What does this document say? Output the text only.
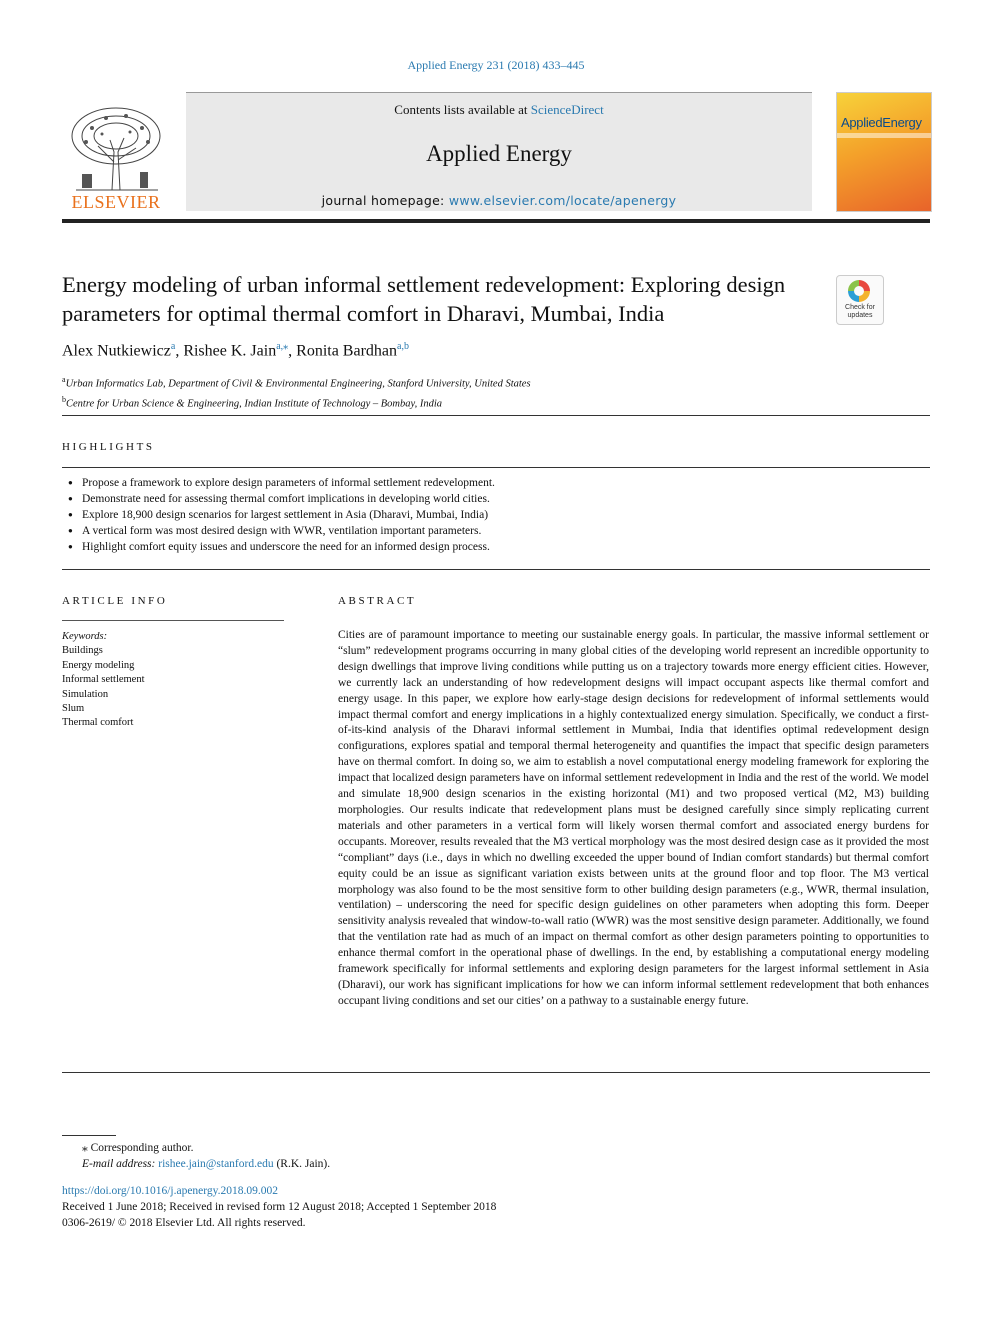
Applied Energy 231 (2018) 433–445
ELSEVIER
Contents lists available at ScienceDirect
Applied Energy
journal homepage: www.elsevier.com/locate/apenergy
AppliedEnergy
Energy modeling of urban informal settlement redevelopment: Exploring design parameters for optimal thermal comfort in Dharavi, Mumbai, India	Check for updates
Alex Nutkiewicz$^a$, Rishee K. Jain$^{a,⁎}$, Ronita Bardhan$^{a,b}$
$^a$Urban Informatics Lab, Department of Civil & Environmental Engineering, Stanford University, United States
$^b$Centre for Urban Science & Engineering, Indian Institute of Technology – Bombay, India
HIGHLIGHTS
● Propose a framework to explore design parameters of informal settlement redevelopment.
● Demonstrate need for assessing thermal comfort implications in developing world cities.
● Explore 18,900 design scenarios for largest settlement in Asia (Dharavi, Mumbai, India)
● A vertical form was most desired design with WWR, ventilation important parameters.
● Highlight comfort equity issues and underscore the need for an informed design process.
ARTICLE INFO	ABSTRACT
Keywords:
Buildings
Energy modeling
Informal settlement
Simulation
Slum
Thermal comfort
Cities are of paramount importance to meeting our sustainable energy goals. In particular, the massive informal settlement or “slum” redevelopment programs occurring in many global cities of the developing world represent an incredible opportunity to design dwellings that improve living conditions while putting us on a trajectory towards more energy efficient cities. However, we currently lack an understanding of how redevelopment designs will impact occupant aspects like thermal comfort and energy usage. In this paper, we explore how early-stage design decisions for redevelopment of informal settlements would impact thermal comfort and energy implications in a highly contextualized energy simulation. Specifically, we conduct a first-of-its-kind analysis of the Dharavi informal settlement in Mumbai, India that identifies optimal redevelopment design configurations, explores spatial and temporal thermal heterogeneity and quantifies the impact that specific design parameters have on thermal comfort. In doing so, we aim to establish a novel computational energy modeling framework for exploring the impact that localized design parameters have on informal settlement redevelopment in India and the rest of the world. We model and simulate 18,900 design scenarios in the existing horizontal (M1) and two proposed vertical (M2, M3) building morphologies. Our results indicate that redevelopment plans must be designed carefully since simply replicating current materials and other parameters in a vertical form will likely worsen thermal comfort and associated energy burdens for occupants. Moreover, results revealed that the M3 vertical morphology was the most desired design case as it provided the most “compliant” days (i.e., days in which no dwelling exceeded the upper bound of Indian comfort standards) but thermal comfort equity could be an issue as significant variation exists between units at the ground floor and top floor. The M3 vertical morphology was also found to be the most sensitive form to other building design parameters (e.g., WWR, thermal insulation, ventilation) – underscoring the need for specific design guidelines on other parameters when adopting this form. Deeper sensitivity analysis revealed that window-to-wall ratio (WWR) was the most sensitive design parameter. Additionally, we found that the ventilation rate had as much of an impact on thermal comfort as other design parameters pointing to opportunities to enhance thermal comfort in the operational phase of dwellings. In the end, by establishing a computational energy modeling framework specifically for informal settlements and exploring design parameters for the largest informal settlement in Asia (Dharavi), our work has significant implications for how we can inform informal settlement redevelopment that both enhances occupant living conditions and set our cities’ on a pathway to a sustainable energy future.
⁎ Corresponding author.
E-mail address: rishee.jain@stanford.edu (R.K. Jain).
https://doi.org/10.1016/j.apenergy.2018.09.002
Received 1 June 2018; Received in revised form 12 August 2018; Accepted 1 September 2018
0306-2619/ © 2018 Elsevier Ltd. All rights reserved.
